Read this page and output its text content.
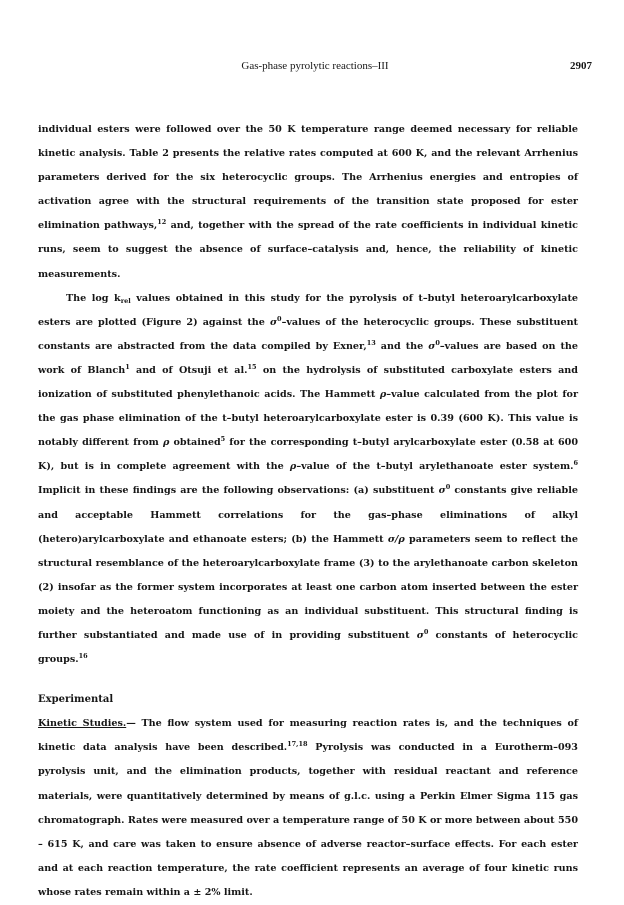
Gas-phase pyrolytic reactions–III	2907

individual esters were followed over the 50 K temperature range deemed necessary for reliable kinetic analysis. Table 2 presents the relative rates computed at 600 K, and the relevant Arrhenius parameters derived for the six heterocyclic groups. The Arrhenius energies and entropies of activation agree with the structural requirements of the transition state proposed for ester elimination pathways,$^{12}$ and, together with the spread of the rate coefficients in individual kinetic runs, seem to suggest the absence of surface–catalysis and, hence, the reliability of kinetic measurements.

The $\log k_{rel}$ values obtained in this study for the pyrolysis of t–butyl heteroarylcarboxylate esters are plotted (Figure 2) against the $\sigma^0$–values of the heterocyclic groups. These substituent constants are abstracted from the data compiled by Exner,$^{13}$ and the $\sigma^0$–values are based on the work of Blanch$^1$ and of Otsuji et al.$^{15}$ on the hydrolysis of substituted carboxylate esters and ionization of substituted phenylethanoic acids. The Hammett ρ–value calculated from the plot for the gas phase elimination of the t–butyl heteroarylcarboxylate ester is 0.39 (600 K). This value is notably different from ρ obtained$^5$ for the corresponding t–butyl arylcarboxylate ester (0.58 at 600 K), but is in complete agreement with the ρ–value of the t–butyl arylethanoate ester system.$^6$ Implicit in these findings are the following observations: (a) substituent $\sigma^0$ constants give reliable and acceptable Hammett correlations for the gas–phase eliminations of alkyl (hetero)arylcarboxylate and ethanoate esters; (b) the Hammett σ/ρ parameters seem to reflect the structural resemblance of the heteroarylcarboxylate frame (3) to the arylethanoate carbon skeleton (2) insofar as the former system incorporates at least one carbon atom inserted between the ester moiety and the heteroatom functioning as an individual substituent. This structural finding is further substantiated and made use of in providing substituent $\sigma^0$ constants of heterocyclic groups.$^{16}$

Experimental

Kinetic Studies.— The flow system used for measuring reaction rates is, and the techniques of kinetic data analysis have been described.$^{17,18}$ Pyrolysis was conducted in a Eurotherm–093 pyrolysis unit, and the elimination products, together with residual reactant and reference materials, were quantitatively determined by means of g.l.c. using a Perkin Elmer Sigma 115 gas chromatograph. Rates were measured over a temperature range of 50 K or more between about 550 – 615 K, and care was taken to ensure absence of adverse reactor–surface effects. For each ester and at each reaction temperature, the rate coefficient represents an average of four kinetic runs whose rates remain within a ± 2% limit.
